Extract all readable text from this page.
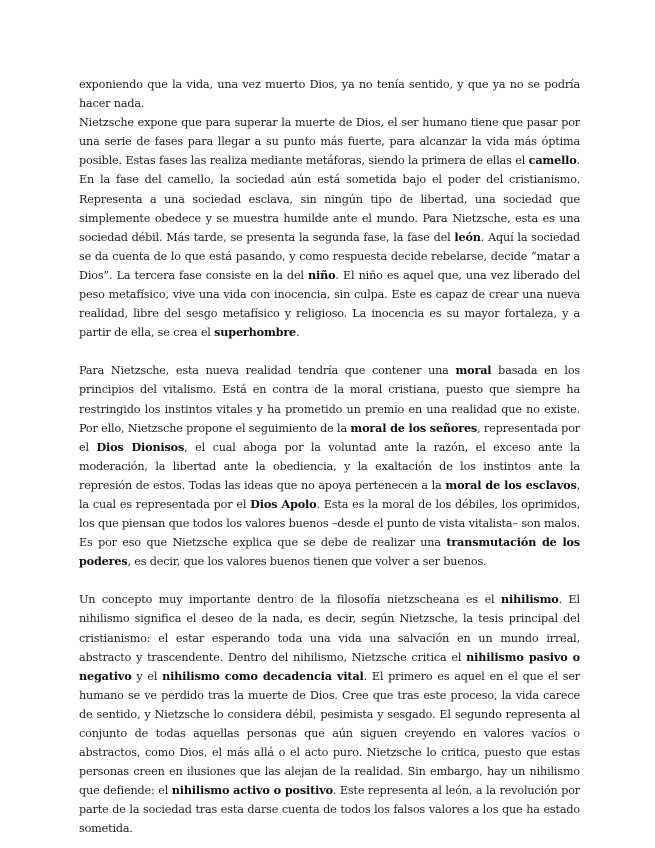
exponiendo que la vida, una vez muerto Dios, ya no tenía sentido, y que ya no se podría hacer nada.

Nietzsche expone que para superar la muerte de Dios, el ser humano tiene que pasar por una serie de fases para llegar a su punto más fuerte, para alcanzar la vida más óptima posible. Estas fases las realiza mediante metáforas, siendo la primera de ellas el camello. En la fase del camello, la sociedad aún está sometida bajo el poder del cristianismo. Representa a una sociedad esclava, sin ningún tipo de libertad, una sociedad que simplemente obedece y se muestra humilde ante el mundo. Para Nietzsche, esta es una sociedad débil. Más tarde, se presenta la segunda fase, la fase del león. Aquí la sociedad se da cuenta de lo que está pasando, y como respuesta decide rebelarse, decide “matar a Dios”. La tercera fase consiste en la del niño. El niño es aquel que, una vez liberado del peso metafísico, vive una vida con inocencia, sin culpa. Este es capaz de crear una nueva realidad, libre del sesgo metafísico y religioso. La inocencia es su mayor fortaleza, y a partir de ella, se crea el superhombre.

Para Nietzsche, esta nueva realidad tendría que contener una moral basada en los principios del vitalismo. Está en contra de la moral cristiana, puesto que siempre ha restringido los instintos vitales y ha prometido un premio en una realidad que no existe. Por ello, Nietzsche propone el seguimiento de la moral de los señores, representada por el Dios Dionisos, el cual aboga por la voluntad ante la razón, el exceso ante la moderación, la libertad ante la obediencia, y la exaltación de los instintos ante la represión de estos. Todas las ideas que no apoya pertenecen a la moral de los esclavos, la cual es representada por el Dios Apolo. Esta es la moral de los débiles, los oprimidos, los que piensan que todos los valores buenos –desde el punto de vista vitalista– son malos. Es por eso que Nietzsche explica que se debe de realizar una transmutación de los poderes, es decir, que los valores buenos tienen que volver a ser buenos.

Un concepto muy importante dentro de la filosofía nietzscheana es el nihilismo. El nihilismo significa el deseo de la nada, es decir, según Nietzsche, la tesis principal del cristianismo: el estar esperando toda una vida una salvación en un mundo irreal, abstracto y trascendente. Dentro del nihilismo, Nietzsche critica el nihilismo pasivo o negativo y el nihilismo como decadencia vital. El primero es aquel en el que el ser humano se ve perdido tras la muerte de Dios. Cree que tras este proceso, la vida carece de sentido, y Nietzsche lo considera débil, pesimista y sesgado. El segundo representa al conjunto de todas aquellas personas que aún siguen creyendo en valores vacíos o abstractos, como Dios, el más allá o el acto puro. Nietzsche lo critica, puesto que estas personas creen en ilusiones que las alejan de la realidad. Sin embargo, hay un nihilismo que defiende: el nihilismo activo o positivo. Este representa al león, a la revolución por parte de la sociedad tras esta darse cuenta de todos los falsos valores a los que ha estado sometida.
